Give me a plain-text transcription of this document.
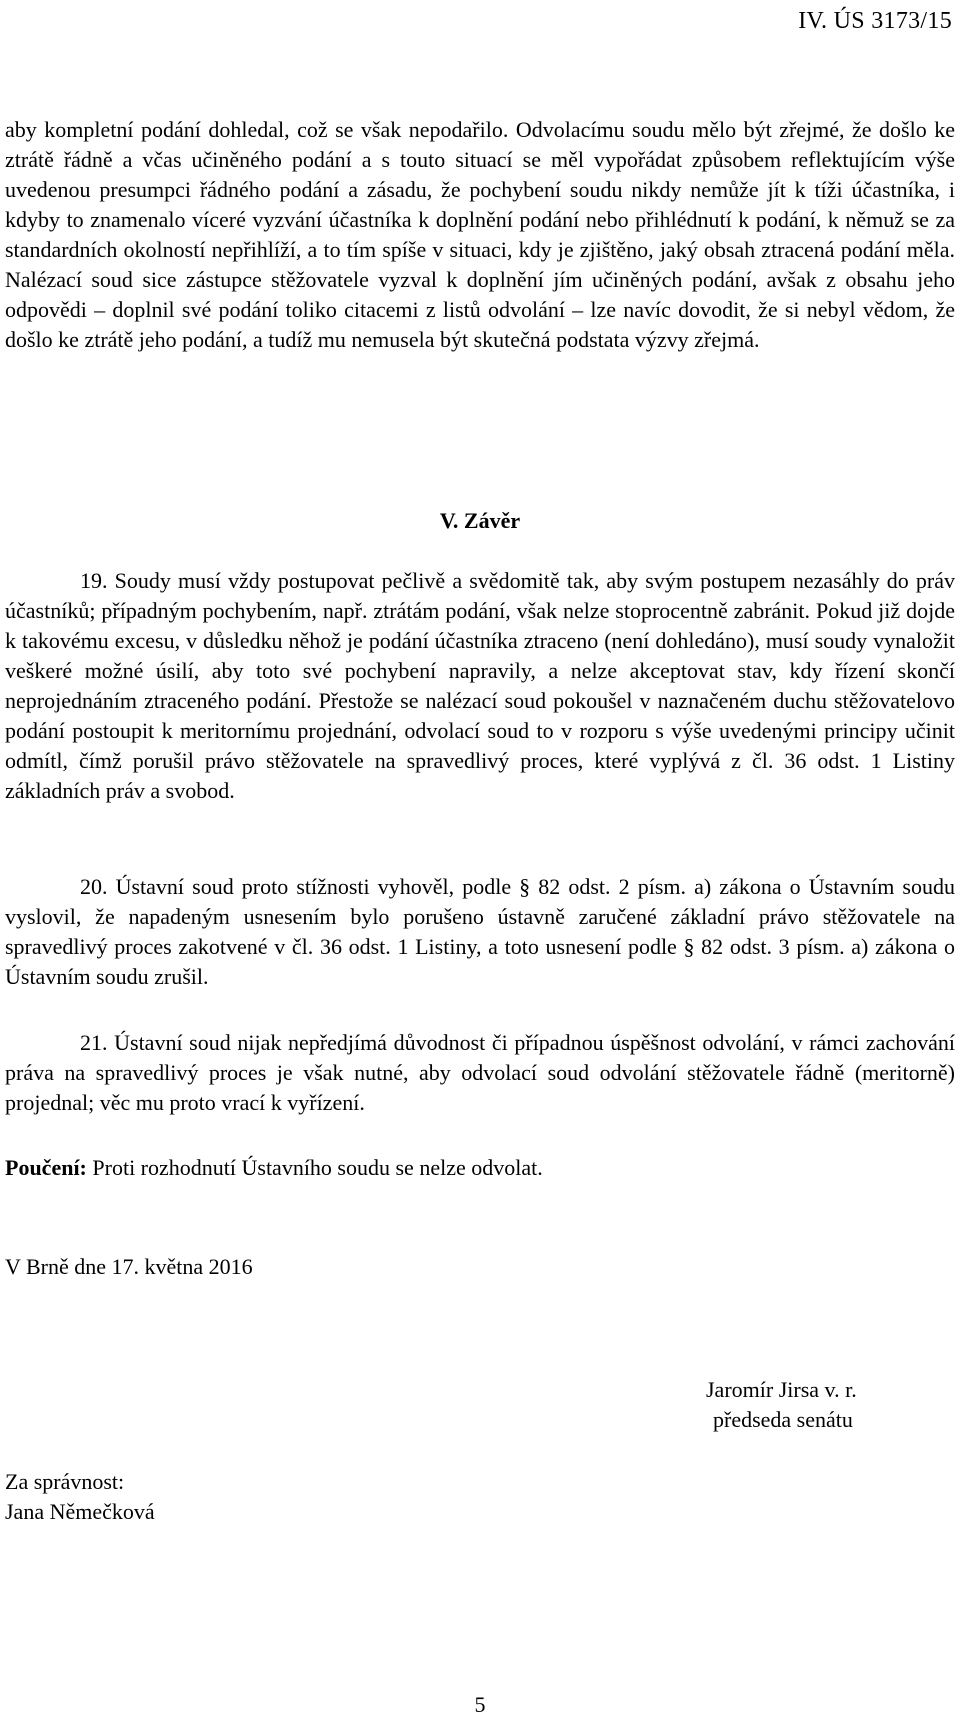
IV. ÚS 3173/15

aby kompletní podání dohledal, což se však nepodařilo. Odvolacímu soudu mělo být zřejmé, že došlo ke ztrátě řádně a včas učiněného podání a s touto situací se měl vypořádat způsobem reflektujícím výše uvedenou presumpci řádného podání a zásadu, že pochybení soudu nikdy nemůže jít k tíži účastníka, i kdyby to znamenalo víceré vyzvání účastníka k doplnění podání nebo přihlédnutí k podání, k němuž se za standardních okolností nepřihlíží, a to tím spíše v situaci, kdy je zjištěno, jaký obsah ztracená podání měla. Nalézací soud sice zástupce stěžovatele vyzval k doplnění jím učiněných podání, avšak z obsahu jeho odpovědi – doplnil své podání toliko citacemi z listů odvolání – lze navíc dovodit, že si nebyl vědom, že došlo ke ztrátě jeho podání, a tudíž mu nemusela být skutečná podstata výzvy zřejmá.

V. Závěr

19. Soudy musí vždy postupovat pečlivě a svědomitě tak, aby svým postupem nezasáhly do práv účastníků; případným pochybením, např. ztrátám podání, však nelze stoprocentně zabránit. Pokud již dojde k takovému excesu, v důsledku něhož je podání účastníka ztraceno (není dohledáno), musí soudy vynaložit veškeré možné úsilí, aby toto své pochybení napravily, a nelze akceptovat stav, kdy řízení skončí neprojednáním ztraceného podání. Přestože se nalézací soud pokoušel v naznačeném duchu stěžovatelovo podání postoupit k meritornímu projednání, odvolací soud to v rozporu s výše uvedenými principy učinit odmítl, čímž porušil právo stěžovatele na spravedlivý proces, které vyplývá z čl. 36 odst. 1 Listiny základních práv a svobod.

20. Ústavní soud proto stížnosti vyhověl, podle § 82 odst. 2 písm. a) zákona o Ústavním soudu vyslovil, že napadeným usnesením bylo porušeno ústavně zaručené základní právo stěžovatele na spravedlivý proces zakotvené v čl. 36 odst. 1 Listiny, a toto usnesení podle § 82 odst. 3 písm. a) zákona o Ústavním soudu zrušil.

21. Ústavní soud nijak nepředjímá důvodnost či případnou úspěšnost odvolání, v rámci zachování práva na spravedlivý proces je však nutné, aby odvolací soud odvolání stěžovatele řádně (meritorně) projednal; věc mu proto vrací k vyřízení.

Poučení: Proti rozhodnutí Ústavního soudu se nelze odvolat.

V Brně dne 17. května 2016
Jaromír Jirsa v. r.
předseda senátu
Za správnost:
Jana Němečková
5
